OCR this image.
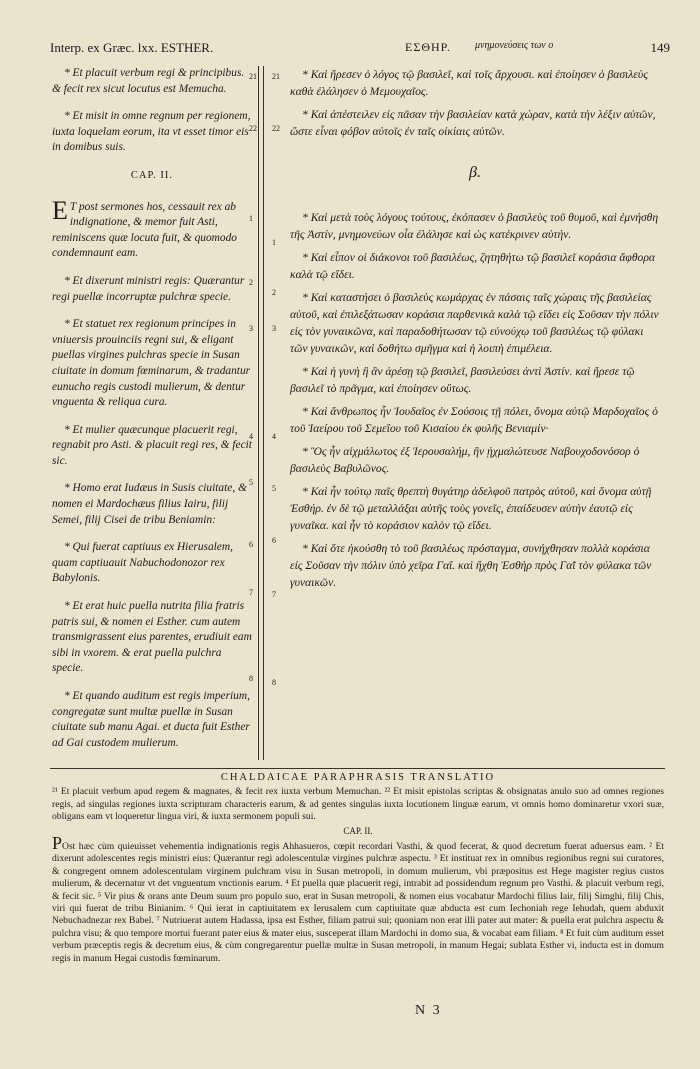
Interp. ex Græc. lxx. ESTHER.	ΕΣΘΗΡ. μνημονεύσεις των ο	149

* Et placuit verbum regi & principibus. & fecit rex sicut locutus est Memucha.

* Et misit in omne regnum per regionem, iuxta loquelam eorum, ita vt esset timor eis in domibus suis.

CAP. II.

E T post sermones hos, cessauit rex ab indignatione, & memor fuit Asti, reminiscens quæ locuta fuit, & quomodo condemnaunt eam.

* Et dixerunt ministri regis: Quærantur regi puellæ incorruptæ pulchræ specie.

* Et statuet rex regionum principes in vniuersis prouinciis regni sui, & eligant puellas virgines pulchras specie in Susan ciuitate in domum fœminarum, & tradantur eunucho regis custodi mulierum, & dentur vnguenta & reliqua cura.

* Et mulier quæcunque placuerit regi, regnabit pro Asti. & placuit regi res, & fecit sic.

* Homo erat Iudæus in Susis ciuitate, & nomen ei Mardochæus filius Iairu, filij Semei, filij Cisei de tribu Beniamin:

* Qui fuerat captiuus ex Hierusalem, quam captiuauit Nabuchodonozor rex Babylonis.

* Et erat huic puella nutrita filia fratris patris sui, & nomen ei Esther. cum autem transmigrassent eius parentes, erudiuit eam sibi in vxorem. & erat puella pulchra specie.

* Et quando auditum est regis imperium, congregatæ sunt multæ puellæ in Susan ciuitate sub manu Agai. et ducta fuit Esther ad Gai custodem mulierum.

21
22
1
2
3
4
5
6
7
8
21
22
1
2
3
4
5
6
7
8

* Καὶ ἤρεσεν ὁ λόγος τῷ βασιλεῖ, καὶ τοῖς ἄρχουσι. καὶ ἐποίησεν ὁ βασιλεὺς καθὰ ἐλάλησεν ὁ Μεμουχαῖος.

* Καὶ ἀπέστειλεν εἰς πᾶσαν τὴν βασιλείαν κατὰ χώραν, κατὰ τὴν λέξιν αὐτῶν, ὥστε εἶναι φόβον αὐτοῖς ἐν ταῖς οἰκίαις αὐτῶν.

β.

* Καὶ μετὰ τοὺς λόγους τούτους, ἐκόπασεν ὁ βασιλεὺς τοῦ θυμοῦ, καὶ ἐμνήσθη τῆς Ἀστίν, μνημονεύων οἷα ἐλάλησε καὶ ὡς κατέκρινεν αὐτήν.

* Καὶ εἶπον οἱ διάκονοι τοῦ βασιλέως, ζητηθήτω τῷ βασιλεῖ κοράσια ἄφθορα καλὰ τῷ εἴδει.

* Καὶ καταστήσει ὁ βασιλεὺς κωμάρχας ἐν πάσαις ταῖς χώραις τῆς βασιλείας αὐτοῦ, καὶ ἐπιλεξάτωσαν κοράσια παρθενικὰ καλὰ τῷ εἴδει εἰς Σοῦσαν τὴν πόλιν εἰς τὸν γυναικῶνα, καὶ παραδοθήτωσαν τῷ εὐνούχῳ τοῦ βασιλέως τῷ φύλακι τῶν γυναικῶν, καὶ δοθήτω σμῆγμα καὶ ἡ λοιπὴ ἐπιμέλεια.

* Καὶ ἡ γυνὴ ἣ ἂν ἀρέσῃ τῷ βασιλεῖ, βασιλεύσει ἀντὶ Ἀστίν. καὶ ἤρεσε τῷ βασιλεῖ τὸ πρᾶγμα, καὶ ἐποίησεν οὕτως.

* Καὶ ἄνθρωπος ἦν Ἰουδαῖος ἐν Σούσοις τῇ πόλει, ὄνομα αὐτῷ Μαρδοχαῖος ὁ τοῦ Ἰαείρου τοῦ Σεμεΐου τοῦ Κισαίου ἐκ φυλῆς Βενιαμίν·

* Ὃς ἦν αἰχμάλωτος ἐξ Ἱερουσαλήμ, ἣν ᾐχμαλώτευσε Ναβουχοδονόσορ ὁ βασιλεὺς Βαβυλῶνος.

* Καὶ ἦν τούτῳ παῖς θρεπτὴ θυγάτηρ ἀδελφοῦ πατρὸς αὐτοῦ, καὶ ὄνομα αὐτῇ Ἐσθήρ. ἐν δὲ τῷ μεταλλάξαι αὐτῆς τοὺς γονεῖς, ἐπαίδευσεν αὐτὴν ἑαυτῷ εἰς γυναῖκα. καὶ ἦν τὸ κοράσιον καλὸν τῷ εἴδει.

* Καὶ ὅτε ἠκούσθη τὸ τοῦ βασιλέως πρόσταγμα, συνήχθησαν πολλὰ κοράσια εἰς Σοῦσαν τὴν πόλιν ὑπὸ χεῖρα Γαΐ. καὶ ἤχθη Ἐσθὴρ πρὸς Γαῒ τὸν φύλακα τῶν γυναικῶν.

CHALDAICAE PARAPHRASIS TRANSLATIO

²¹ Et placuit verbum apud regem & magnates, & fecit rex iuxta verbum Memuchan. ²² Et misit epistolas scriptas & obsignatas anulo suo ad omnes regiones regis, ad singulas regiones iuxta scripturam characteris earum, & ad gentes singulas iuxta locutionem linguæ earum, vt omnis homo dominaretur vxori suæ, obligans eam vt loqueretur lingua viri, & iuxta sermonem populi sui.

CAP. II.

POst hæc cùm quieuisset vehementia indignationis regis Ahhasueros, cœpit recordari Vasthi, & quod fecerat, & quod decretum fuerat aduersus eam. ² Et dixerunt adolescentes regis ministri eius: Quærantur regi adolescentulæ virgines pulchræ aspectu. ³ Et instituat rex in omnibus regionibus regni sui curatores, & congregent omnem adolescentulam virginem pulchram visu in Susan metropoli, in domum mulierum, vbi præpositus est Hege magister regius custos mulierum, & decernatur vt det vnguentum vnctionis earum. ⁴ Et puella quæ placuerit regi, intrabit ad possidendum regnum pro Vasthi. & placuit verbum regi, & fecit sic. ⁵ Vir pius & orans ante Deum suum pro populo suo, erat in Susan metropoli, & nomen eius vocabatur Mardochi filius Iair, filij Simghi, filij Chis, viri qui fuerat de tribu Binianim. ⁶ Qui ierat in captiuitatem ex Ierusalem cum captiuitate quæ abducta est cum Iechoniah rege Iehudah, quem abduxit Nebuchadnezar rex Babel. ⁷ Nutriuerat autem Hadassa, ipsa est Esther, filiam patrui sui; quoniam non erat illi pater aut mater: & puella erat pulchra aspectu & pulchra visu; & quo tempore mortui fuerant pater eius & mater eius, susceperat illam Mardochi in domo sua, & vocabat eam filiam. ⁸ Et fuit cùm auditum esset verbum præceptis regis & decretum eius, & cùm congregarentur puellæ multæ in Susan metropoli, in manum Hegai; sublata Esther vi, inducta est in domum regis in manum Hegai custodis fœminarum.

N 3
